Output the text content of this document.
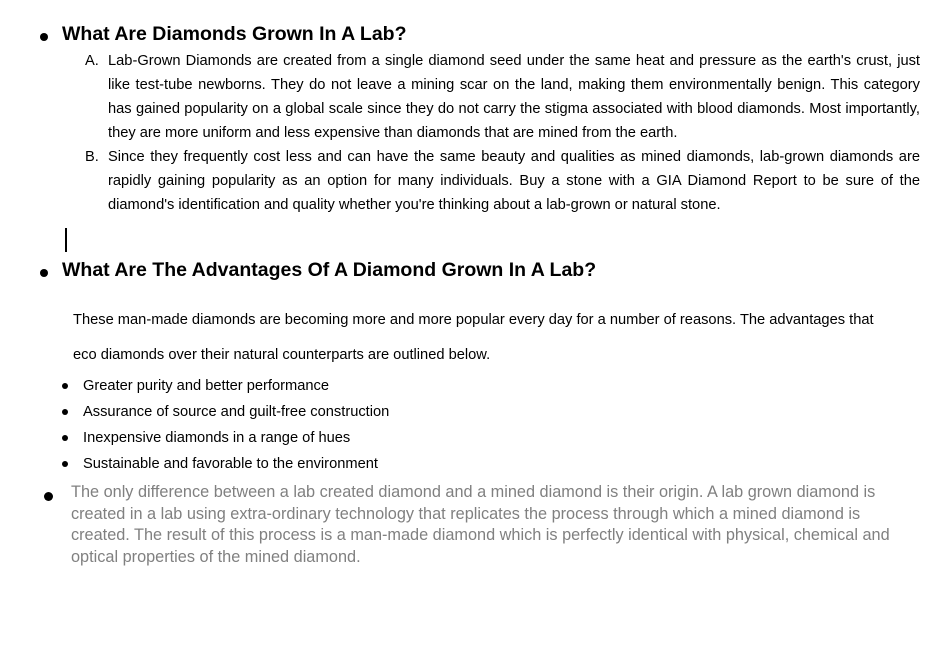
What Are Diamonds Grown In A Lab?
A. Lab-Grown Diamonds are created from a single diamond seed under the same heat and pressure as the earth's crust, just like test-tube newborns. They do not leave a mining scar on the land, making them environmentally benign. This category has gained popularity on a global scale since they do not carry the stigma associated with blood diamonds. Most importantly, they are more uniform and less expensive than diamonds that are mined from the earth.
B. Since they frequently cost less and can have the same beauty and qualities as mined diamonds, lab-grown diamonds are rapidly gaining popularity as an option for many individuals. Buy a stone with a GIA Diamond Report to be sure of the diamond's identification and quality whether you're thinking about a lab-grown or natural stone.
What Are The Advantages Of A Diamond Grown In A Lab?

These man-made diamonds are becoming more and more popular every day for a number of reasons. The advantages that eco diamonds over their natural counterparts are outlined below.

Greater purity and better performance
Assurance of source and guilt-free construction
Inexpensive diamonds in a range of hues
Sustainable and favorable to the environment
The only difference between a lab created diamond and a mined diamond is their origin. A lab grown diamond is created in a lab using extra-ordinary technology that replicates the process through which a mined diamond is created. The result of this process is a man-made diamond which is perfectly identical with physical, chemical and optical properties of the mined diamond.
